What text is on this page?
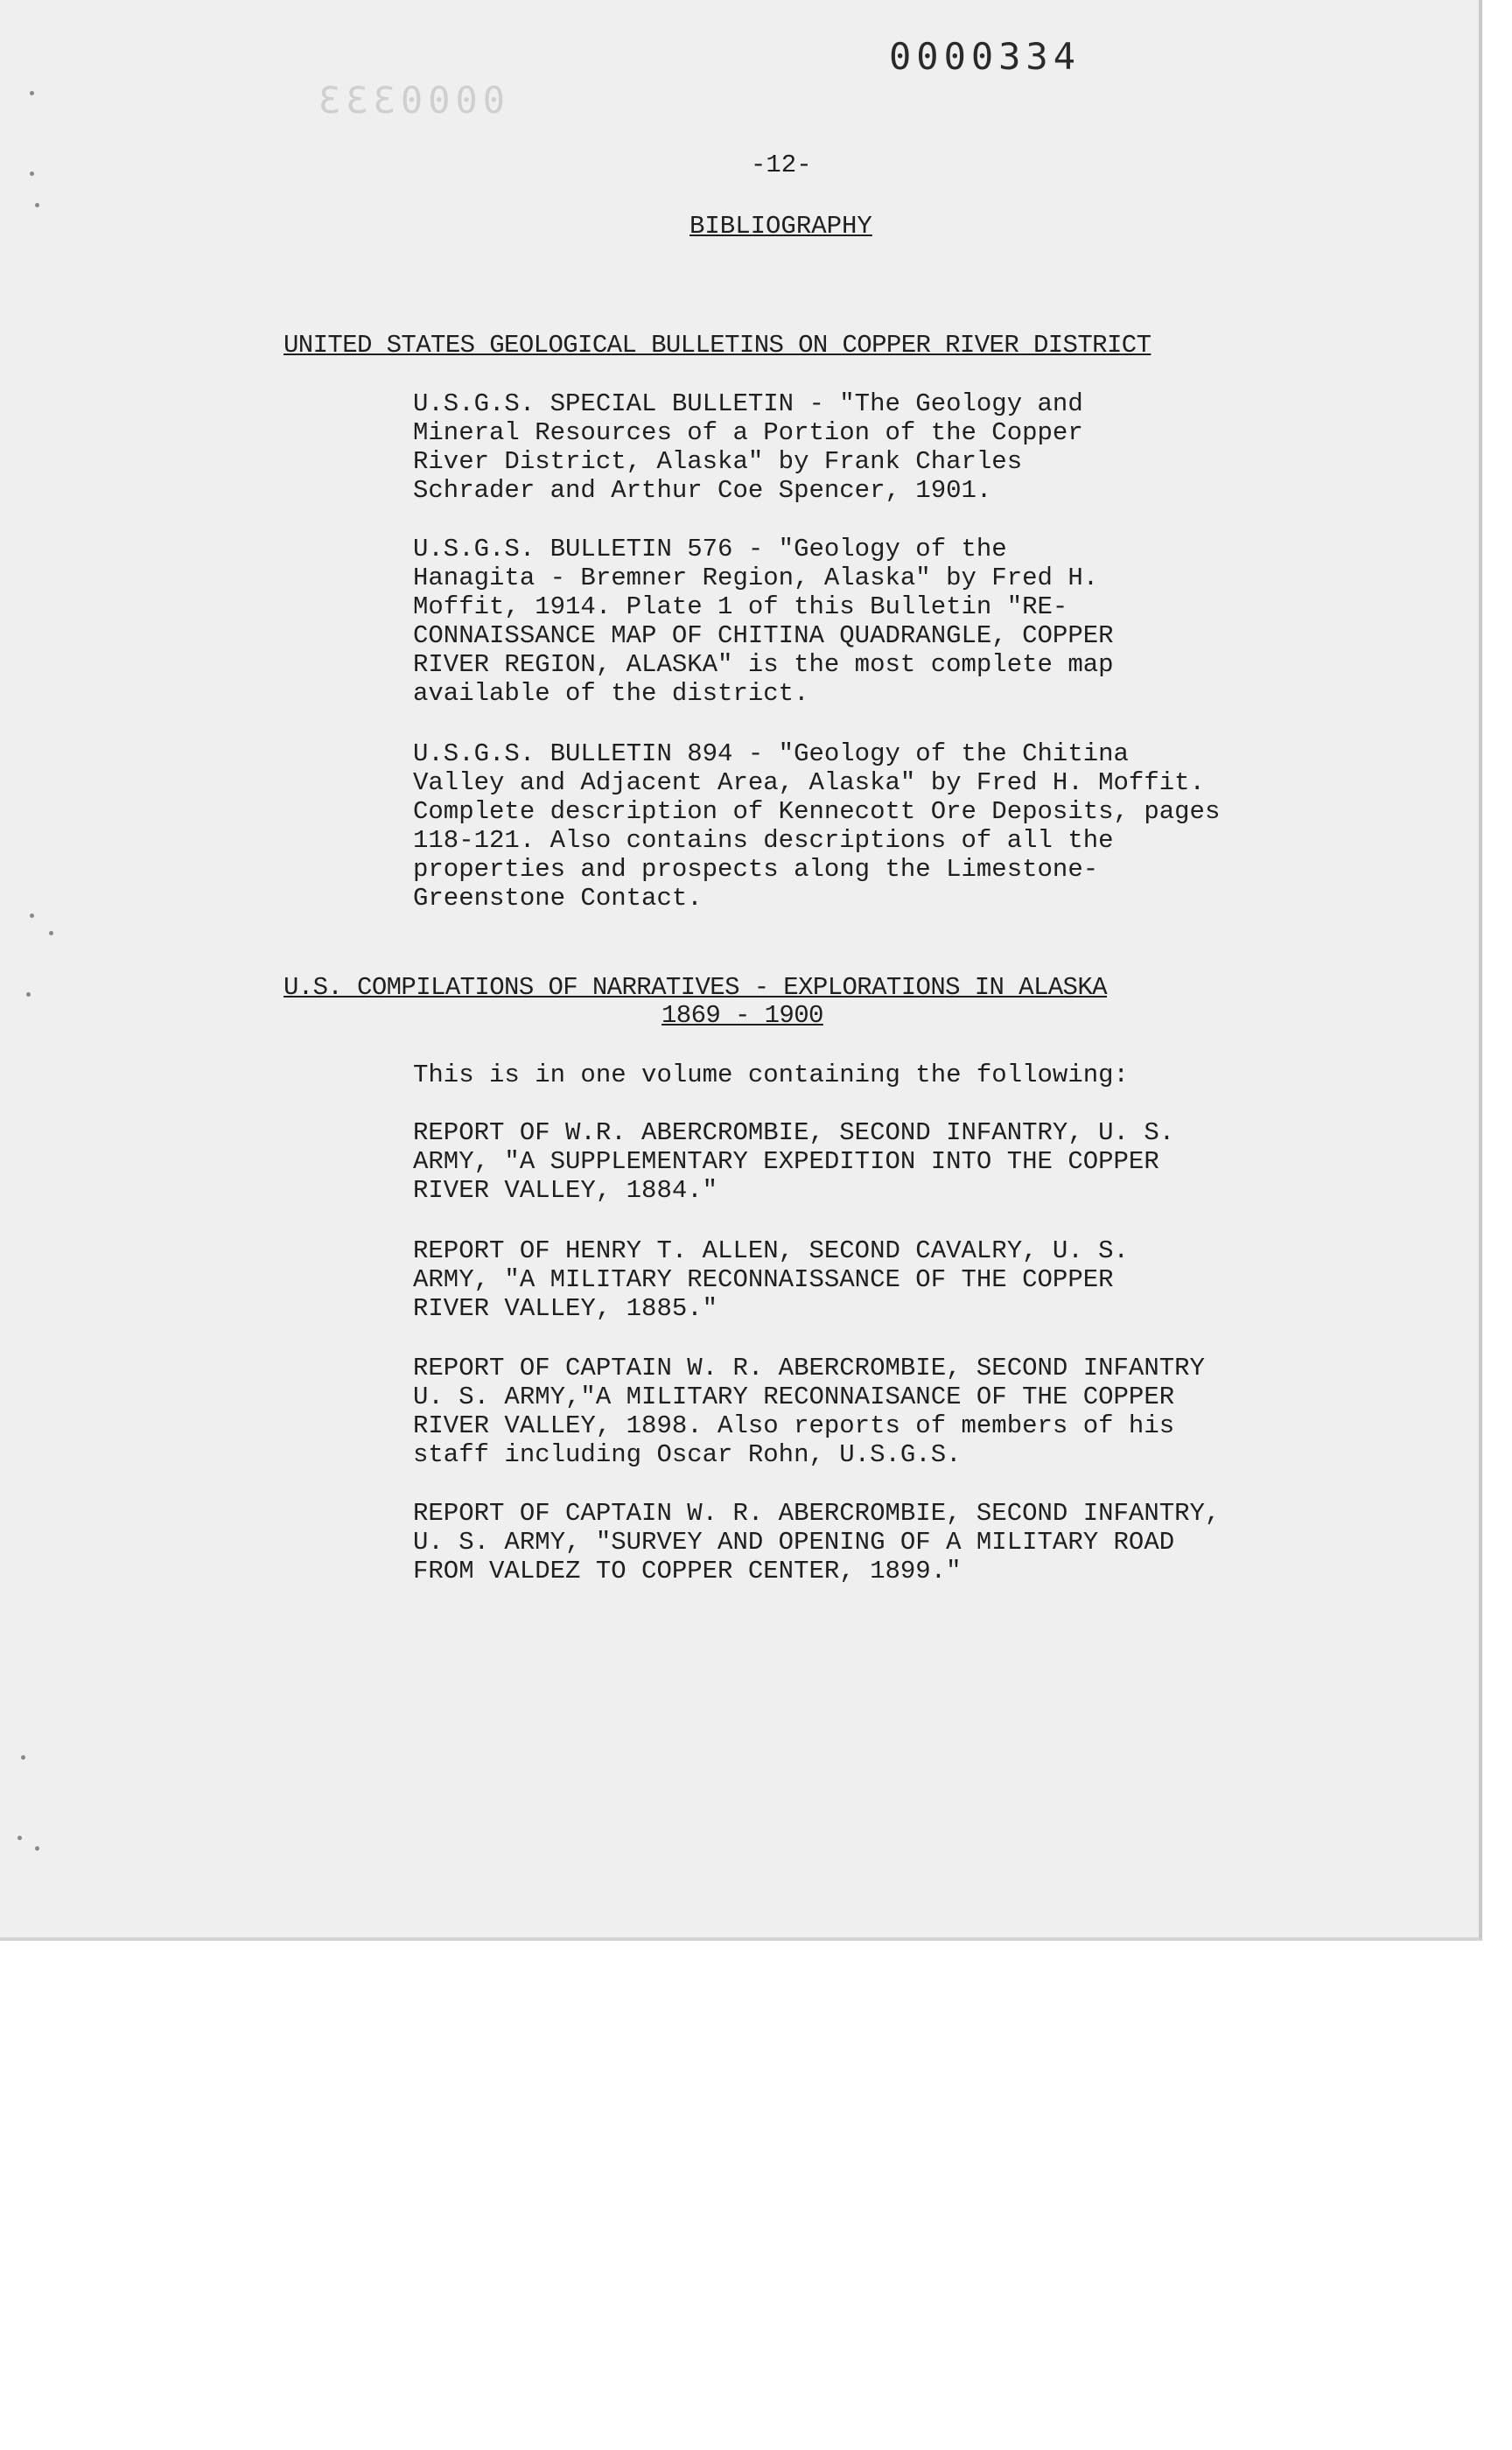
0000333
0000334
-12-
BIBLIOGRAPHY
UNITED STATES GEOLOGICAL BULLETINS ON COPPER RIVER DISTRICT

U.S.G.S. SPECIAL BULLETIN - "The Geology and
Mineral Resources of a Portion of the Copper
River District, Alaska" by Frank Charles
Schrader and Arthur Coe Spencer, 1901.

U.S.G.S. BULLETIN 576 - "Geology of the
Hanagita - Bremner Region, Alaska" by Fred H.
Moffit, 1914. Plate 1 of this Bulletin "RE-
CONNAISSANCE MAP OF CHITINA QUADRANGLE, COPPER
RIVER REGION, ALASKA" is the most complete map
available of the district.

U.S.G.S. BULLETIN 894 - "Geology of the Chitina
Valley and Adjacent Area, Alaska" by Fred H. Moffit.
Complete description of Kennecott Ore Deposits, pages
118-121. Also contains descriptions of all the
properties and prospects along the Limestone-
Greenstone Contact.

U.S. COMPILATIONS OF NARRATIVES - EXPLORATIONS IN ALASKA
1869 - 1900

This is in one volume containing the following:

REPORT OF W.R. ABERCROMBIE, SECOND INFANTRY, U. S.
ARMY, "A SUPPLEMENTARY EXPEDITION INTO THE COPPER
RIVER VALLEY, 1884."

REPORT OF HENRY T. ALLEN, SECOND CAVALRY, U. S.
ARMY, "A MILITARY RECONNAISSANCE OF THE COPPER
RIVER VALLEY, 1885."

REPORT OF CAPTAIN W. R. ABERCROMBIE, SECOND INFANTRY
U. S. ARMY,"A MILITARY RECONNAISANCE OF THE COPPER
RIVER VALLEY, 1898. Also reports of members of his
staff including Oscar Rohn, U.S.G.S.

REPORT OF CAPTAIN W. R. ABERCROMBIE, SECOND INFANTRY,
U. S. ARMY, "SURVEY AND OPENING OF A MILITARY ROAD
FROM VALDEZ TO COPPER CENTER, 1899."
